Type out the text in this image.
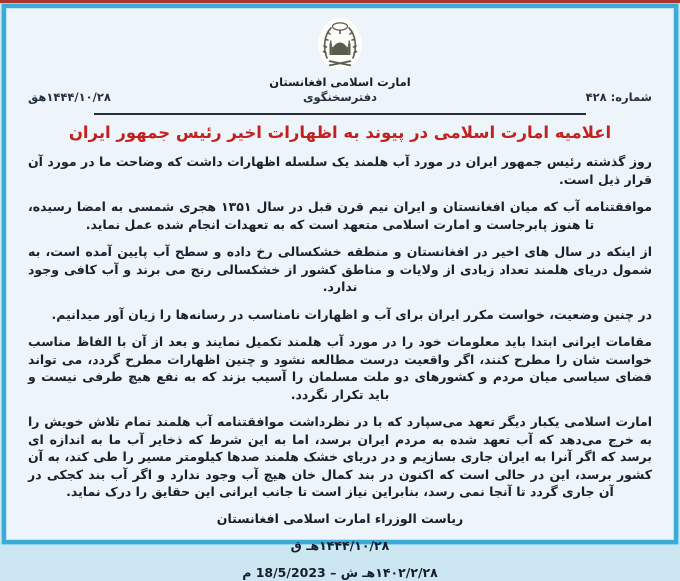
امارت اسلامی افغانستان
شماره: ۴۲۸
دفترسخنگوی
۱۴۴۴/۱۰/۲۸هق
اعلامیه امارت اسلامی در پیوند به اظهارات اخیر رئیس جمهور ایران

روز گذشته رئیس جمهور ایران در مورد آب هلمند یک سلسله اظهارات داشت که وضاحت ما در مورد آن قرار ذیل است.

موافقتنامه آب که میان افغانستان و ایران نیم قرن قبل در سال ۱۳۵۱ هجری شمسی به امضا رسیده، تا هنوز پابرجاست و امارت اسلامی متعهد است که به تعهدات انجام شده عمل نماید.

از اینکه در سال های اخیر در افغانستان و منطقه خشکسالی رخ داده و سطح آب پایین آمده است، به شمول دریای هلمند تعداد زیادی از ولایات و مناطق کشور از خشکسالی رنج می برند و آب کافی وجود ندارد.

در چنین وضعیت، خواست مکرر ایران برای آب و اظهارات نامناسب در رسانه‌ها را زیان آور میدانیم.

مقامات ایرانی ابتدا باید معلومات خود را در مورد آب هلمند تکمیل نمایند و بعد از آن با الفاظ مناسب خواست شان را مطرح کنند، اگر واقعیت درست مطالعه نشود و چنین اظهارات مطرح گردد، می تواند فضای سیاسی میان مردم و کشورهای دو ملت مسلمان را آسیب بزند که به نفع هیچ طرفی نیست و باید تکرار نگردد.

امارت اسلامی یکبار دیگر تعهد می‌سپارد که با در نظرداشت موافقتنامه آب هلمند تمام تلاش خویش را به خرج می‌دهد که آب تعهد شده به مردم ایران برسد، اما به این شرط که ذخایر آب ما به اندازه ای برسد که اگر آنرا به ایران جاری بسازیم و در دریای خشک هلمند صدها کیلومتر مسیر را طی کند، به آن کشور برسد، این در حالی است که اکنون در بند کمال خان هیچ آب وجود ندارد و اگر آب بند کجکی در آن جاری گردد تا آنجا نمی رسد، بنابراین نیاز است تا جانب ایرانی این حقایق را درک نماید.

ریاست الوزراء امارت اسلامی افغانستان
۱۴۴۴/۱۰/۲۸هـ ق
۱۴۰۲/۲/۲۸هـ ش – 18/5/2023 م
